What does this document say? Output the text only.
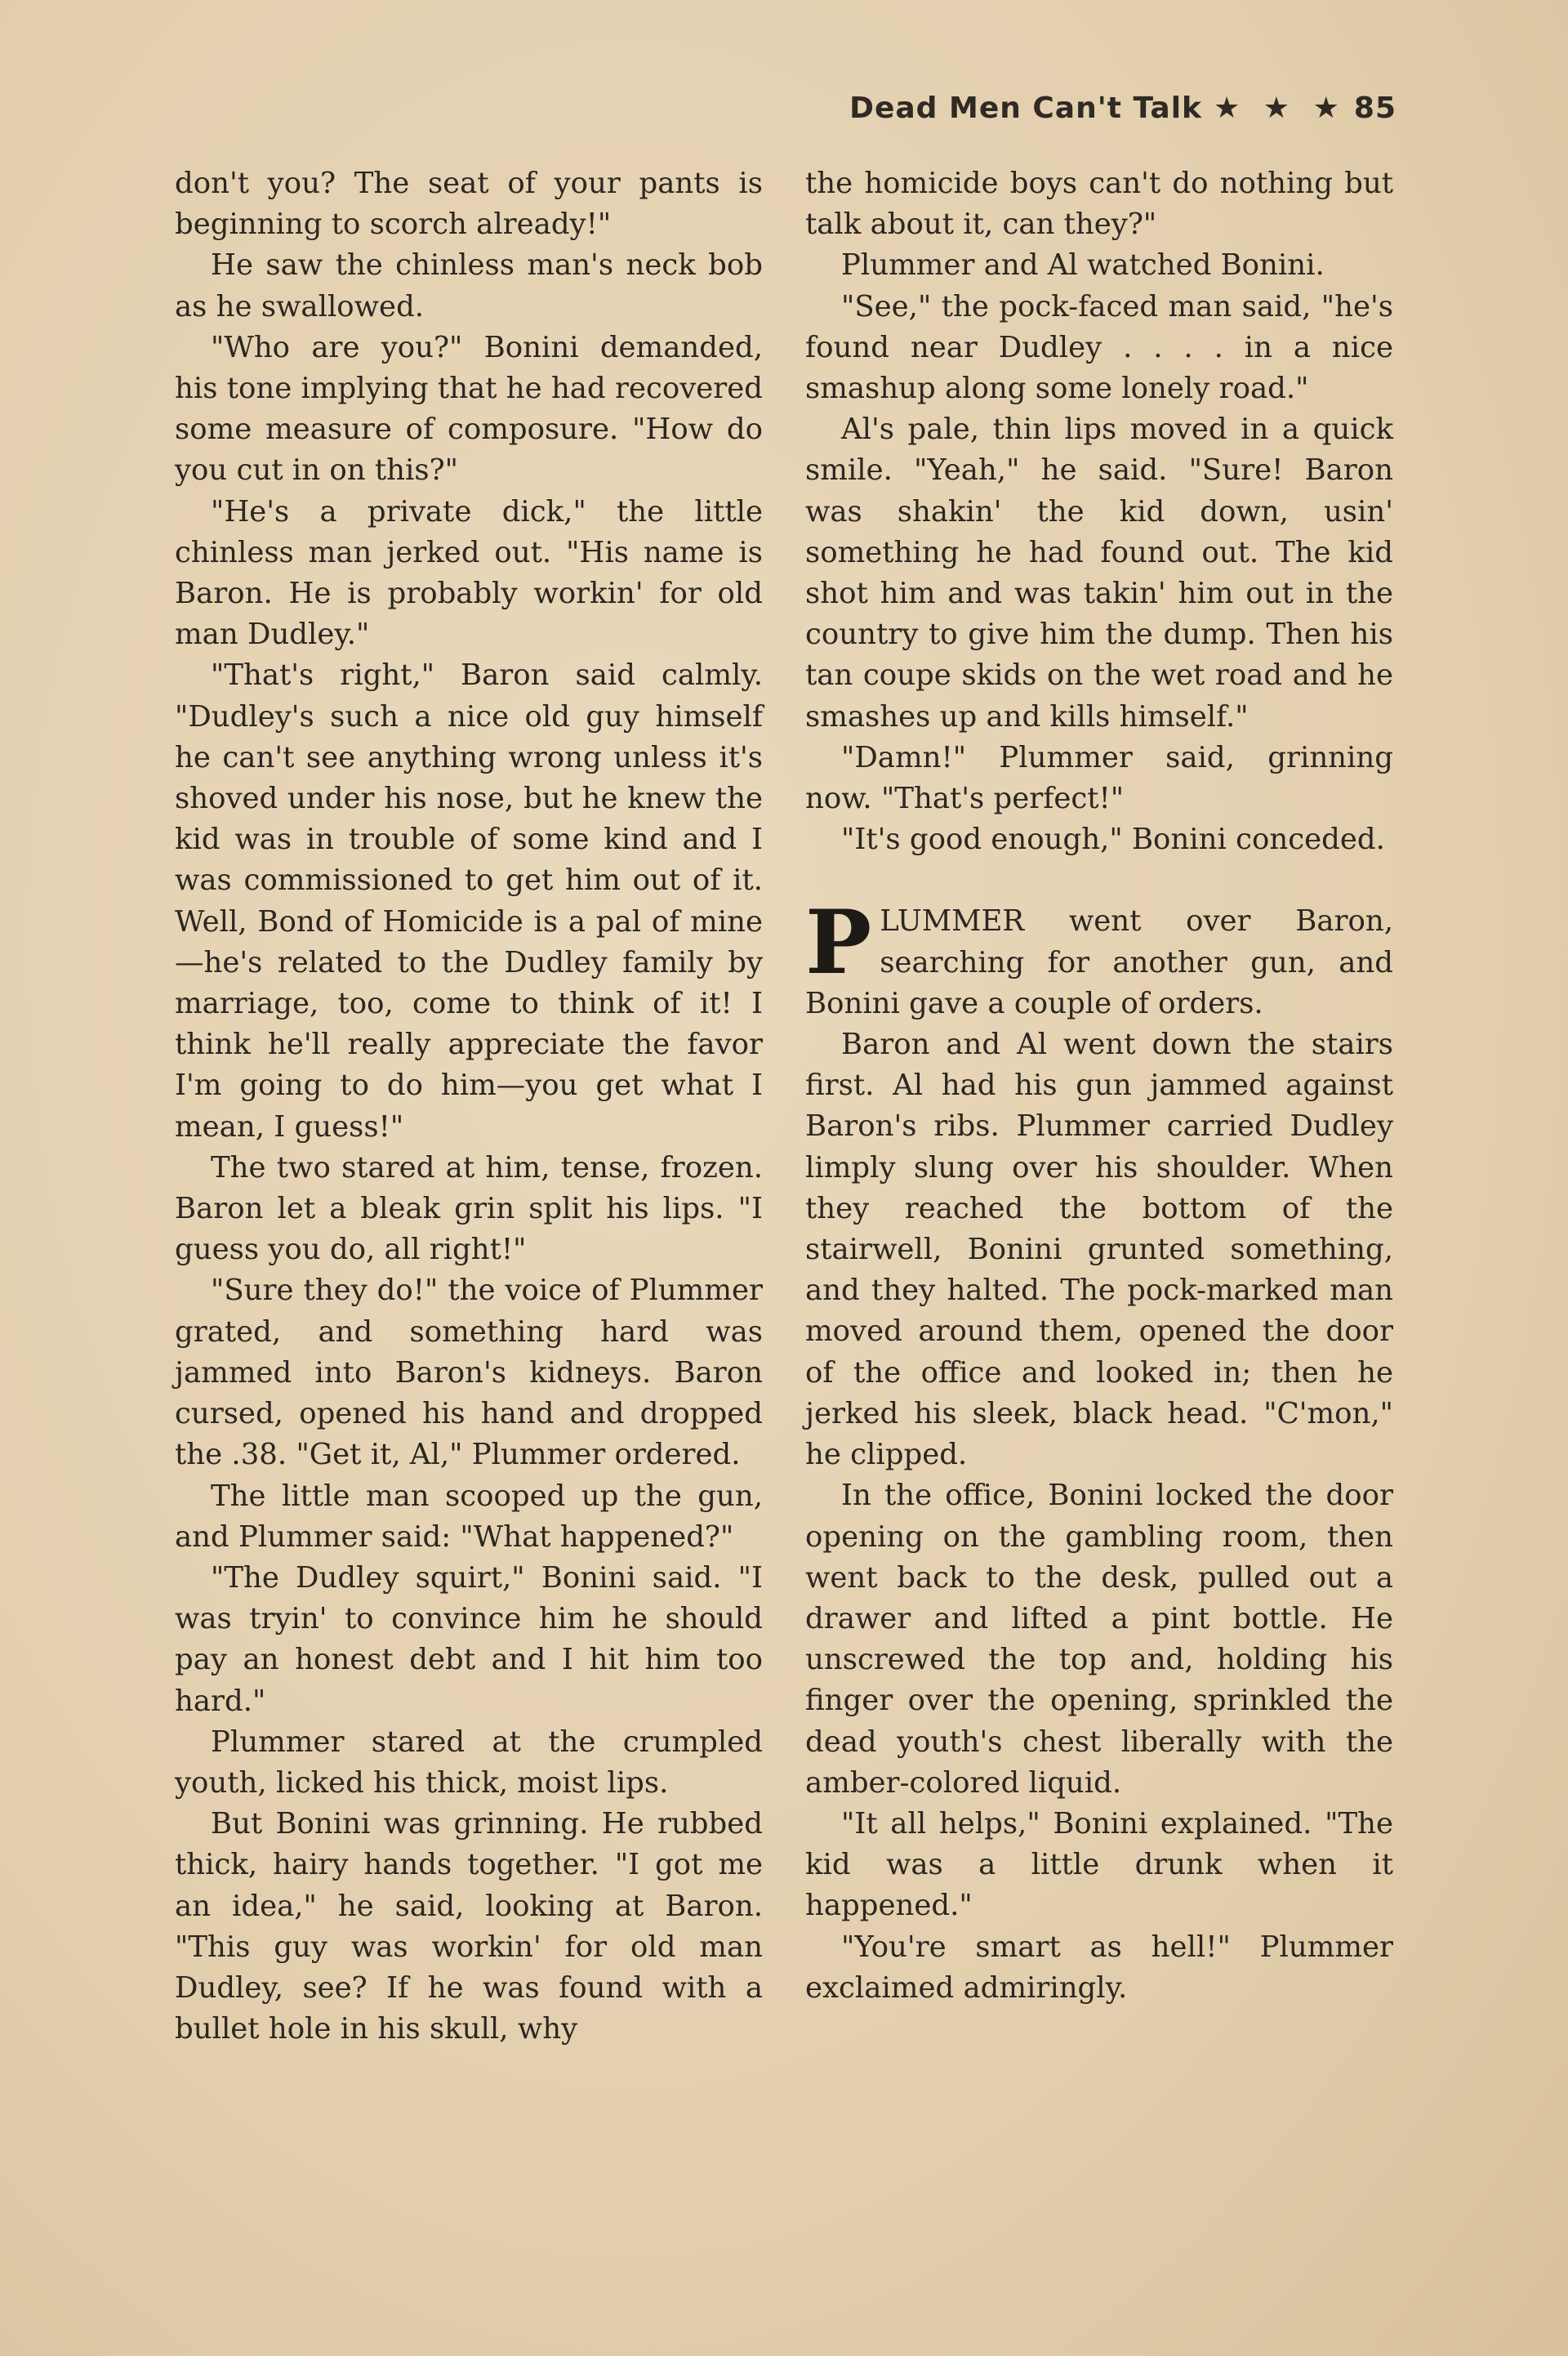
Dead Men Can't Talk ★ ★ ★ 85

don't you? The seat of your pants is beginning to scorch already!"

He saw the chinless man's neck bob as he swallowed.

"Who are you?" Bonini demanded, his tone implying that he had recovered some measure of composure. "How do you cut in on this?"

"He's a private dick," the little chinless man jerked out. "His name is Baron. He is probably workin' for old man Dudley."

"That's right," Baron said calmly. "Dudley's such a nice old guy himself he can't see anything wrong unless it's shoved under his nose, but he knew the kid was in trouble of some kind and I was commissioned to get him out of it. Well, Bond of Homicide is a pal of mine—he's related to the Dudley family by marriage, too, come to think of it! I think he'll really appreciate the favor I'm going to do him—you get what I mean, I guess!"

The two stared at him, tense, frozen. Baron let a bleak grin split his lips. "I guess you do, all right!"

"Sure they do!" the voice of Plummer grated, and something hard was jammed into Baron's kidneys. Baron cursed, opened his hand and dropped the .38. "Get it, Al," Plummer ordered.

The little man scooped up the gun, and Plummer said: "What happened?"

"The Dudley squirt," Bonini said. "I was tryin' to convince him he should pay an honest debt and I hit him too hard."

Plummer stared at the crumpled youth, licked his thick, moist lips.

But Bonini was grinning. He rubbed thick, hairy hands together. "I got me an idea," he said, looking at Baron. "This guy was workin' for old man Dudley, see? If he was found with a bullet hole in his skull, why

the homicide boys can't do nothing but talk about it, can they?"

Plummer and Al watched Bonini.

"See," the pock-faced man said, "he's found near Dudley . . . . in a nice smashup along some lonely road."

Al's pale, thin lips moved in a quick smile. "Yeah," he said. "Sure! Baron was shakin' the kid down, usin' something he had found out. The kid shot him and was takin' him out in the country to give him the dump. Then his tan coupe skids on the wet road and he smashes up and kills himself."

"Damn!" Plummer said, grinning now. "That's perfect!"

"It's good enough," Bonini conceded.

PLUMMER went over Baron, searching for another gun, and Bonini gave a couple of orders.

Baron and Al went down the stairs first. Al had his gun jammed against Baron's ribs. Plummer carried Dudley limply slung over his shoulder. When they reached the bottom of the stairwell, Bonini grunted something, and they halted. The pock-marked man moved around them, opened the door of the office and looked in; then he jerked his sleek, black head. "C'mon," he clipped.

In the office, Bonini locked the door opening on the gambling room, then went back to the desk, pulled out a drawer and lifted a pint bottle. He unscrewed the top and, holding his finger over the opening, sprinkled the dead youth's chest liberally with the amber-colored liquid.

"It all helps," Bonini explained. "The kid was a little drunk when it happened."

"You're smart as hell!" Plummer exclaimed admiringly.
